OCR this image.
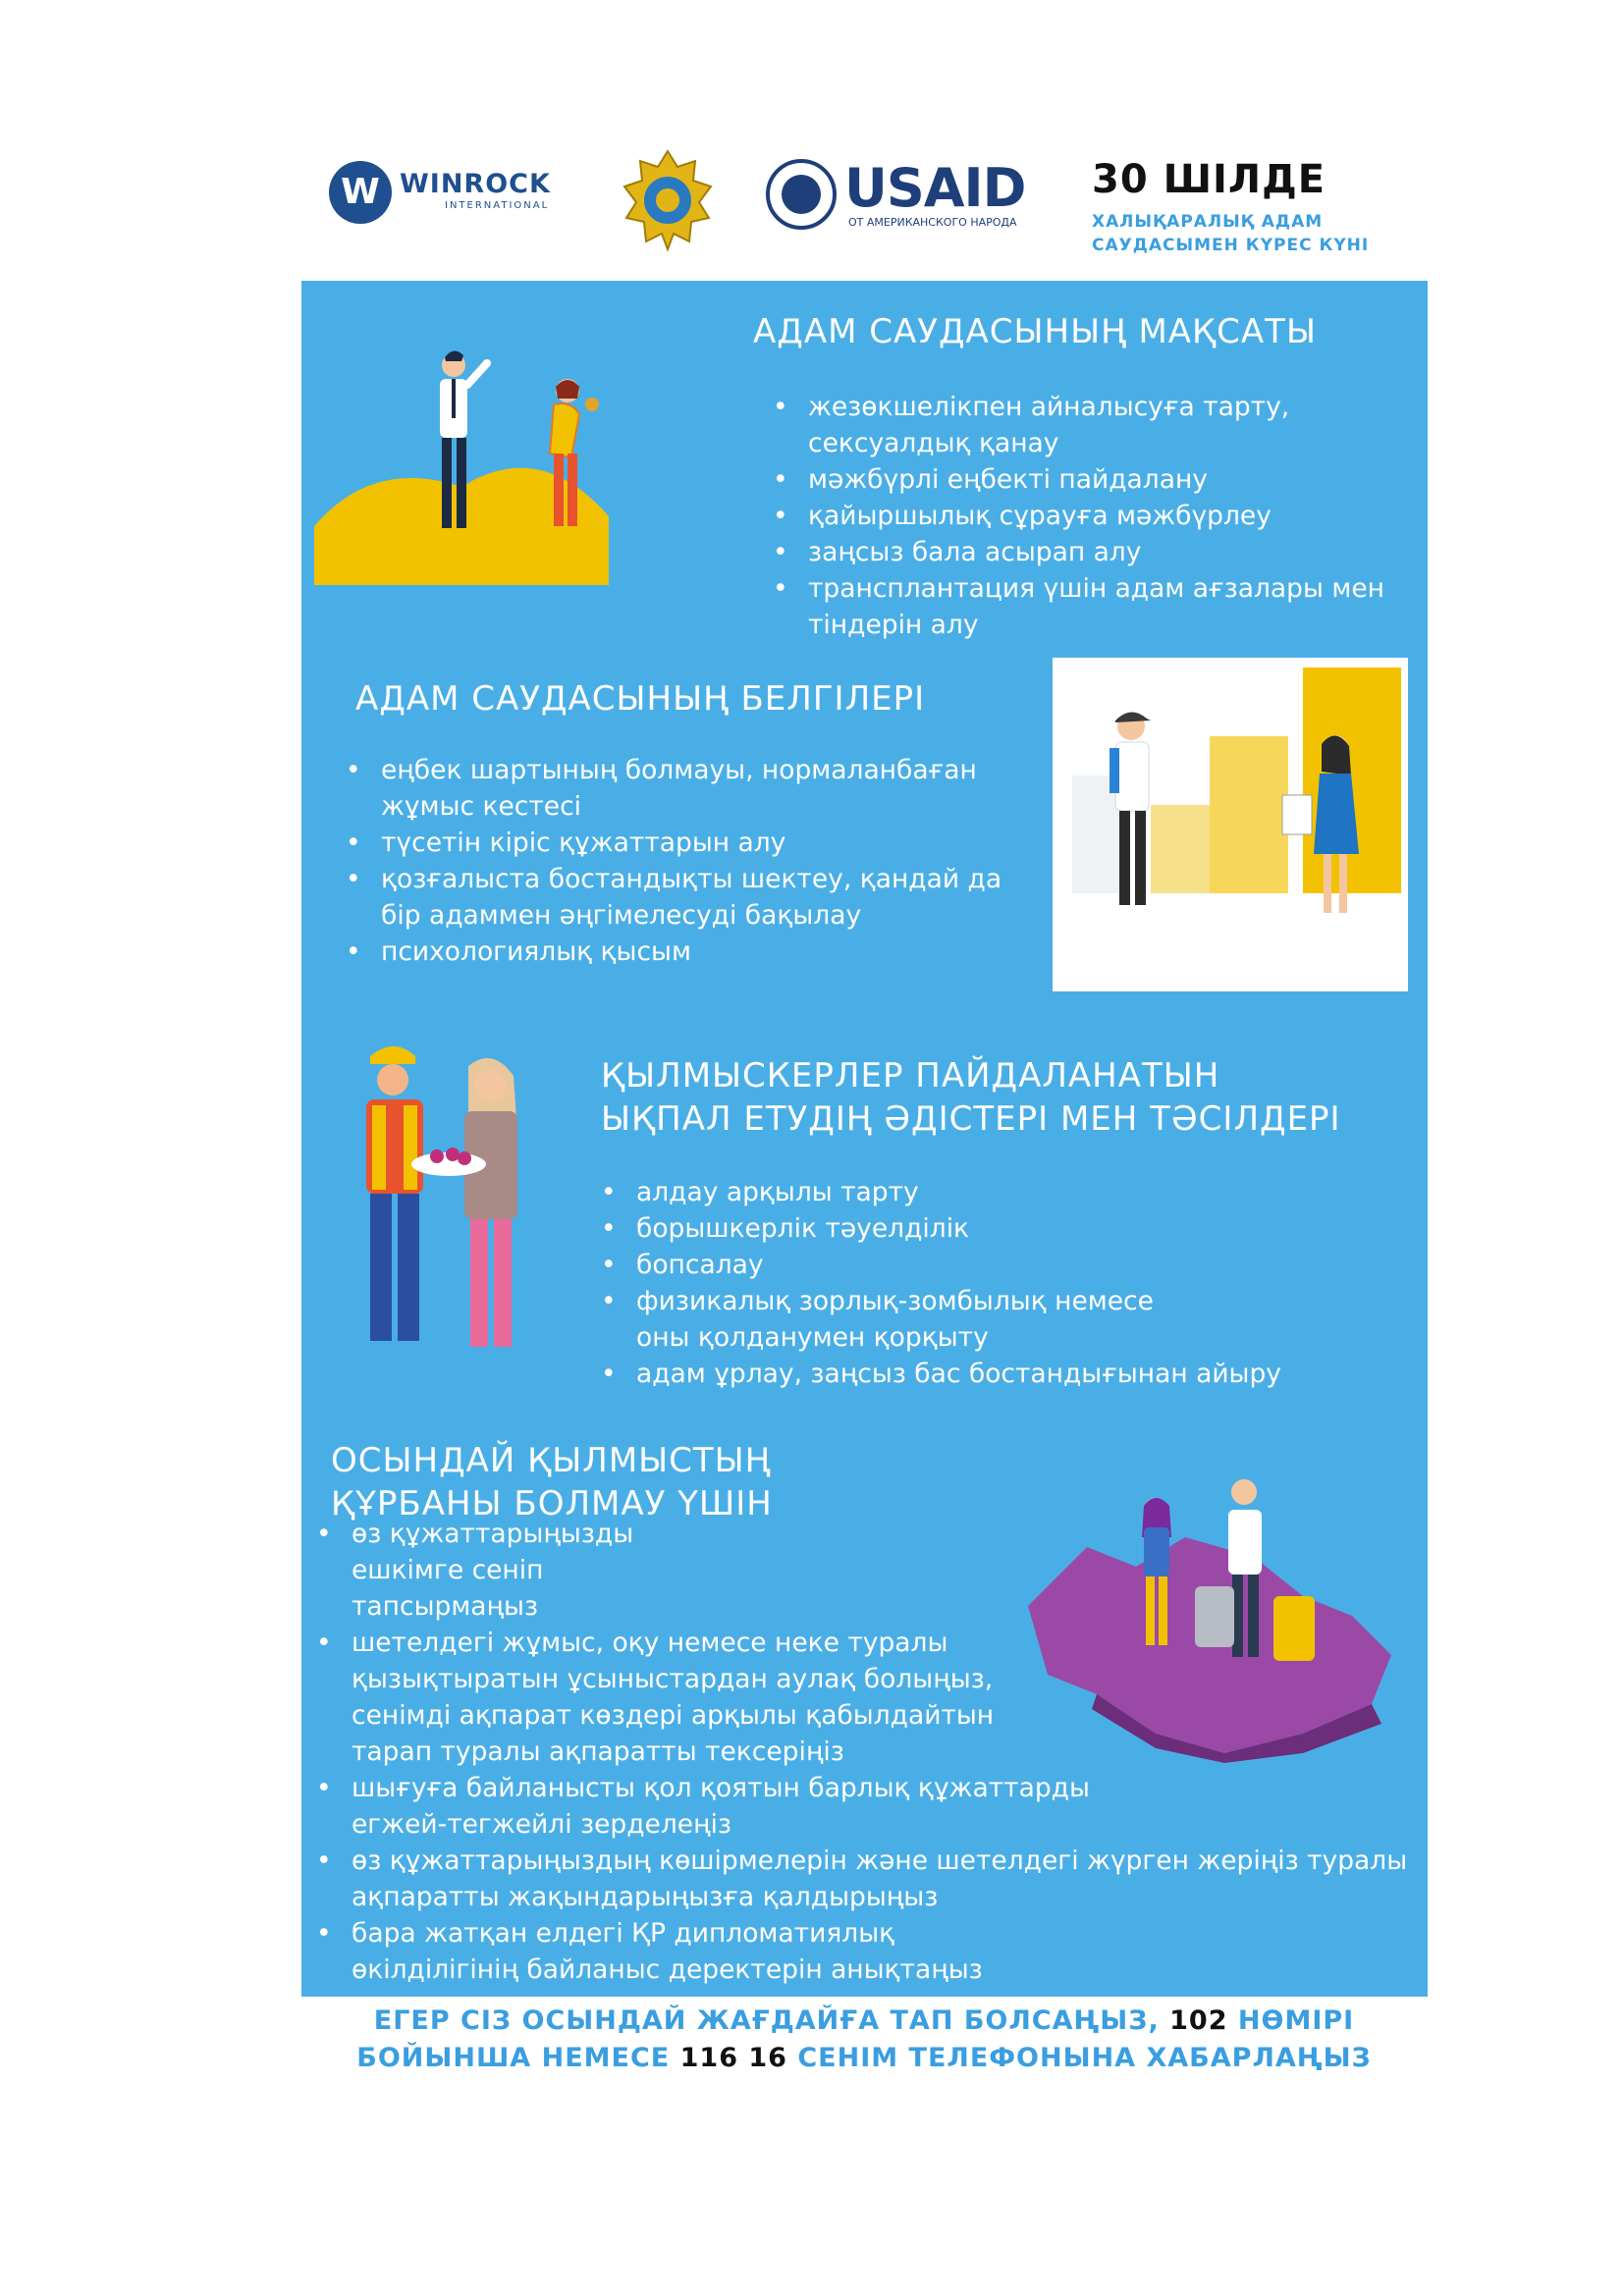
W WINROCK
INTERNATIONAL	USAID
ОТ АМЕРИКАНСКОГО НАРОДА
30 ШІЛДЕ
ХАЛЫҚАРАЛЫҚ АДАМ
САУДАСЫМЕН КҮРЕС КҮНІ
АДАМ САУДАСЫНЫҢ МАҚСАТЫ
• жезөкшелікпен айналысуға тарту, сексуалдық қанау
• мәжбүрлі еңбекті пайдалану
• қайыршылық сұрауға мәжбүрлеу
• заңсыз бала асырап алу
• трансплантация үшін адам ағзалары мен тіндерін алу
АДАМ САУДАСЫНЫҢ БЕЛГІЛЕРІ
• еңбек шартының болмауы, нормаланбаған жұмыс кестесі
• түсетін кіріс құжаттарын алу
• қозғалыста бостандықты шектеу, қандай да бір адаммен әңгімелесуді бақылау
• психологиялық қысым
ҚЫЛМЫСКЕРЛЕР ПАЙДАЛАНАТЫН
ЫҚПАЛ ЕТУДІҢ ӘДІСТЕРІ МЕН ТӘСІЛДЕРІ
• алдау арқылы тарту
• борышкерлік тәуелділік
• бопсалау
• физикалық зорлық-зомбылық немесе оны қолданумен қорқыту
• адам ұрлау, заңсыз бас бостандығынан айыру
ОСЫНДАЙ ҚЫЛМЫСТЫҢ
ҚҰРБАНЫ БОЛМАУ ҮШІН
• өз құжаттарыңызды ешкімге сеніп тапсырмаңыз
• шетелдегі жұмыс, оқу немесе неке туралы қызықтыратын ұсыныстардан аулақ болыңыз, сенімді ақпарат көздері арқылы қабылдайтын тарап туралы ақпаратты тексеріңіз
• шығуға байланысты қол қоятын барлық құжаттарды егжей-тегжейлі зерделеңіз
• өз құжаттарыңыздың көшірмелерін және шетелдегі жүрген жеріңіз туралы ақпаратты жақындарыңызға қалдырыңыз
• бара жатқан елдегі ҚР дипломатиялық өкілділігінің байланыс деректерін анықтаңыз
ЕГЕР СІЗ ОСЫНДАЙ ЖАҒДАЙҒА ТАП БОЛСАҢЫЗ, 102 НӨМІРІ
БОЙЫНША НЕМЕСЕ 116 16 СЕНІМ ТЕЛЕФОНЫНА ХАБАРЛАҢЫЗ
